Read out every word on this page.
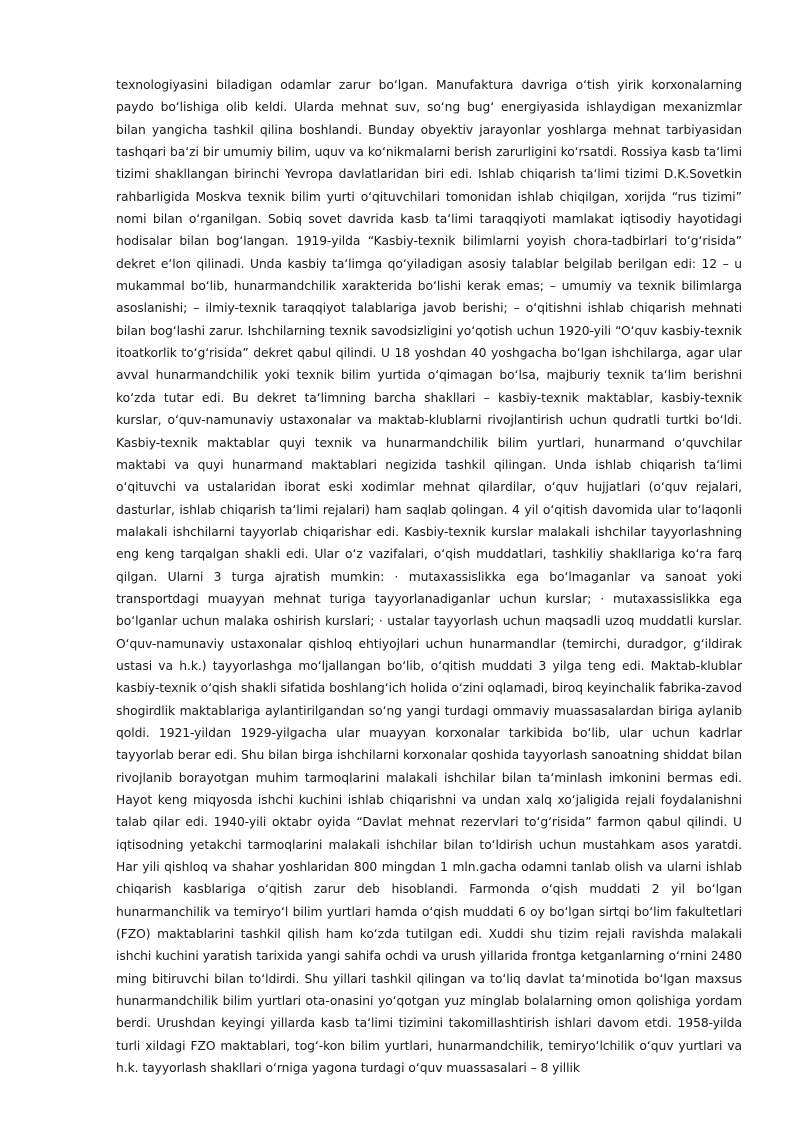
texnologiyasini biladigan odamlar zarur boʻlgan. Manufaktura davriga oʻtish yirik korxonalarning paydo boʻlishiga olib keldi. Ularda mehnat suv, soʻng bugʻ energiyasida ishlaydigan mexanizmlar bilan yangicha tashkil qilina boshlandi. Bunday obyektiv jarayonlar yoshlarga mehnat tarbiyasidan tashqari baʻzi bir umumiy bilim, uquv va koʻnikmalarni berish zarurligini koʻrsatdi. Rossiya kasb taʻlimi tizimi shakllangan birinchi Yevropa davlatlaridan biri edi. Ishlab chiqarish taʻlimi tizimi D.K.Sovetkin rahbarligida Moskva texnik bilim yurti oʻqituvchilari tomonidan ishlab chiqilgan, xorijda “rus tizimi” nomi bilan oʻrganilgan. Sobiq sovet davrida kasb taʻlimi taraqqiyoti mamlakat iqtisodiy hayotidagi hodisalar bilan bogʻlangan. 1919-yilda “Kasbiy-texnik bilimlarni yoyish chora-tadbirlari toʻgʻrisida” dekret eʻlon qilinadi. Unda kasbiy taʻlimga qoʻyiladigan asosiy talablar belgilab berilgan edi: 12 – u mukammal boʻlib, hunarmandchilik xarakterida boʻlishi kerak emas; – umumiy va texnik bilimlarga asoslanishi; – ilmiy-texnik taraqqiyot talablariga javob berishi; – oʻqitishni ishlab chiqarish mehnati bilan bogʻlashi zarur. Ishchilarning texnik savodsizligini yoʻqotish uchun 1920-yili “Oʻquv kasbiy-texnik itoatkorlik toʻgʻrisida” dekret qabul qilindi. U 18 yoshdan 40 yoshgacha boʻlgan ishchilarga, agar ular avval hunarmandchilik yoki texnik bilim yurtida oʻqimagan boʻlsa, majburiy texnik taʻlim berishni koʻzda tutar edi. Bu dekret taʻlimning barcha shakllari – kasbiy-texnik maktablar, kasbiy-texnik kurslar, oʻquv-namunaviy ustaxonalar va maktab-klublarni rivojlantirish uchun qudratli turtki boʻldi. Kasbiy-texnik maktablar quyi texnik va hunarmandchilik bilim yurtlari, hunarmand oʻquvchilar maktabi va quyi hunarmand maktablari negizida tashkil qilingan. Unda ishlab chiqarish taʻlimi oʻqituvchi va ustalaridan iborat eski xodimlar mehnat qilardilar, oʻquv hujjatlari (oʻquv rejalari, dasturlar, ishlab chiqarish taʻlimi rejalari) ham saqlab qolingan. 4 yil oʻqitish davomida ular toʻlaqonli malakali ishchilarni tayyorlab chiqarishar edi. Kasbiy-texnik kurslar malakali ishchilar tayyorlashning eng keng tarqalgan shakli edi. Ular oʻz vazifalari, oʻqish muddatlari, tashkiliy shakllariga koʻra farq qilgan. Ularni 3 turga ajratish mumkin: · mutaxassislikka ega boʻlmaganlar va sanoat yoki transportdagi muayyan mehnat turiga tayyorlanadiganlar uchun kurslar; · mutaxassislikka ega boʻlganlar uchun malaka oshirish kurslari; · ustalar tayyorlash uchun maqsadli uzoq muddatli kurslar. Oʻquv-namunaviy ustaxonalar qishloq ehtiyojlari uchun hunarmandlar (temirchi, duradgor, gʻildirak ustasi va h.k.) tayyorlashga moʻljallangan boʻlib, oʻqitish muddati 3 yilga teng edi. Maktab-klublar kasbiy-texnik oʻqish shakli sifatida boshlangʻich holida oʻzini oqlamadi, biroq keyinchalik fabrika-zavod shogirdlik maktablariga aylantirilgandan soʻng yangi turdagi ommaviy muassasalardan biriga aylanib qoldi. 1921-yildan 1929-yilgacha ular muayyan korxonalar tarkibida boʻlib, ular uchun kadrlar tayyorlab berar edi. Shu bilan birga ishchilarni korxonalar qoshida tayyorlash sanoatning shiddat bilan rivojlanib borayotgan muhim tarmoqlarini malakali ishchilar bilan taʻminlash imkonini bermas edi. Hayot keng miqyosda ishchi kuchini ishlab chiqarishni va undan xalq xoʻjaligida rejali foydalanishni talab qilar edi. 1940-yili oktabr oyida “Davlat mehnat rezervlari toʻgʻrisida” farmon qabul qilindi. U iqtisodning yetakchi tarmoqlarini malakali ishchilar bilan toʻldirish uchun mustahkam asos yaratdi. Har yili qishloq va shahar yoshlaridan 800 mingdan 1 mln.gacha odamni tanlab olish va ularni ishlab chiqarish kasblariga oʻqitish zarur deb hisoblandi. Farmonda oʻqish muddati 2 yil boʻlgan hunarmanchilik va temiryoʻl bilim yurtlari hamda oʻqish muddati 6 oy boʻlgan sirtqi boʻlim fakultetlari (FZO) maktablarini tashkil qilish ham koʻzda tutilgan edi. Xuddi shu tizim rejali ravishda malakali ishchi kuchini yaratish tarixida yangi sahifa ochdi va urush yillarida frontga ketganlarning oʻrnini 2480 ming bitiruvchi bilan toʻldirdi. Shu yillari tashkil qilingan va toʻliq davlat taʻminotida boʻlgan maxsus hunarmandchilik bilim yurtlari ota-onasini yoʻqotgan yuz minglab bolalarning omon qolishiga yordam berdi. Urushdan keyingi yillarda kasb taʻlimi tizimini takomillashtirish ishlari davom etdi. 1958-yilda turli xildagi FZO maktablari, togʻ-kon bilim yurtlari, hunarmandchilik, temiryoʻlchilik oʻquv yurtlari va h.k. tayyorlash shakllari oʻrniga yagona turdagi oʻquv muassasalari – 8 yillik
